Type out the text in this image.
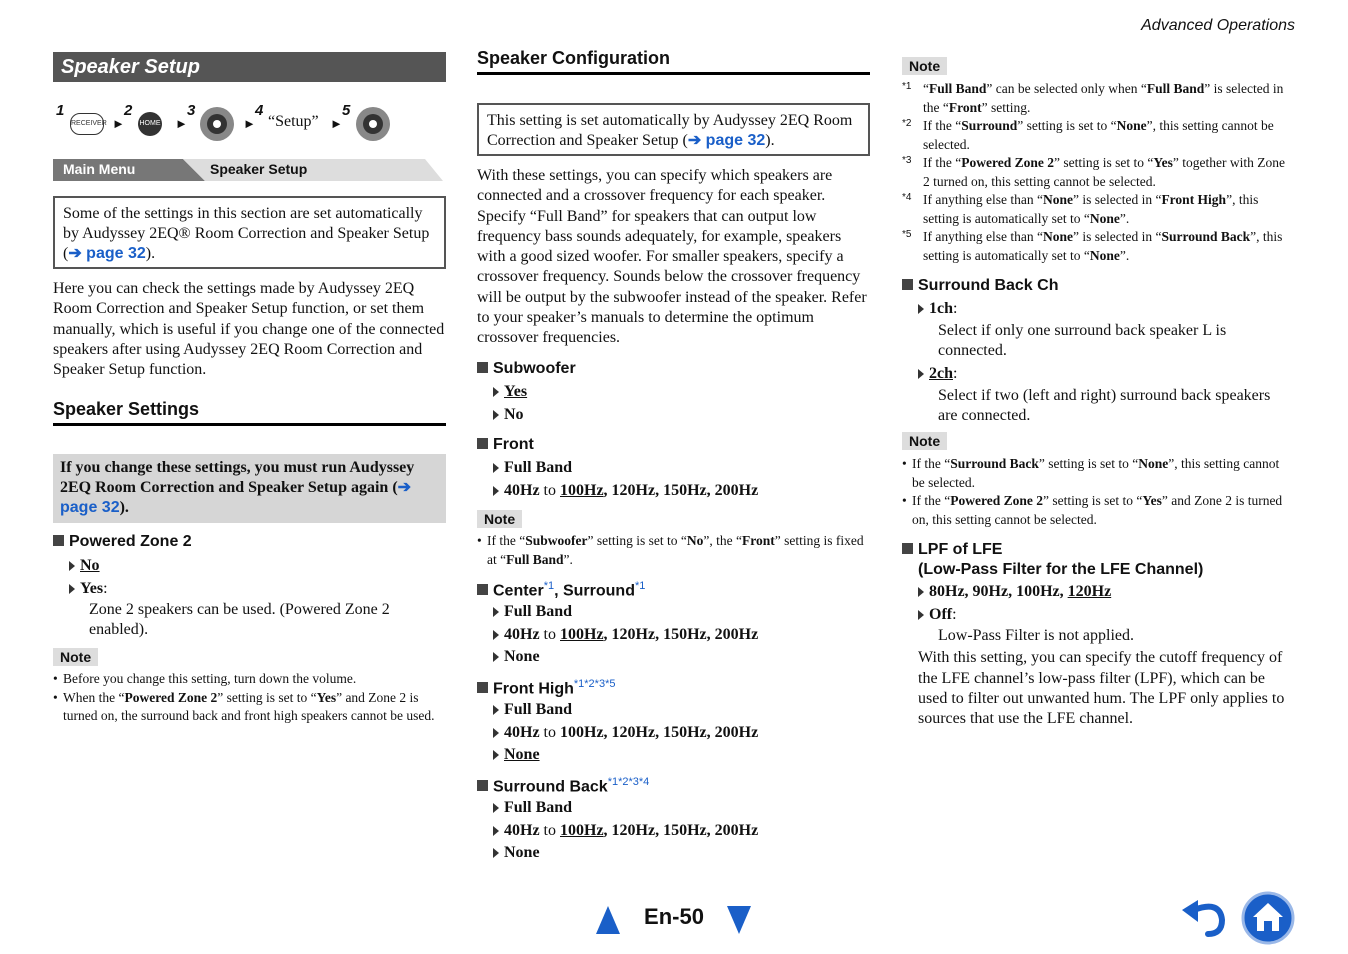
Advanced Operations
Speaker Setup
1
RECEIVER ►
2
HOME ►
3
►
4
“Setup” ►
5
Main Menu	Speaker Setup
Some of the settings in this section are set automatically by Audyssey 2EQ® Room Correction and Speaker Setup (➔ page 32).
Here you can check the settings made by Audyssey 2EQ Room Correction and Speaker Setup function, or set them manually, which is useful if you change one of the connected speakers after using Audyssey 2EQ Room Correction and Speaker Setup function.
Speaker Settings
If you change these settings, you must run Audyssey 2EQ Room Correction and Speaker Setup again (➔ page 32).
Powered Zone 2
No
Yes:
Zone 2 speakers can be used. (Powered Zone 2 enabled).
Note
• Before you change this setting, turn down the volume.
• When the “Powered Zone 2” setting is set to “Yes” and Zone 2 is turned on, the surround back and front high speakers cannot be used.
Speaker Configuration
This setting is set automatically by Audyssey 2EQ Room Correction and Speaker Setup (➔ page 32).
With these settings, you can specify which speakers are connected and a crossover frequency for each speaker. Specify “Full Band” for speakers that can output low frequency bass sounds adequately, for example, speakers with a good sized woofer. For smaller speakers, specify a crossover frequency. Sounds below the crossover frequency will be output by the subwoofer instead of the speaker. Refer to your speaker’s manuals to determine the optimum crossover frequencies.
Subwoofer
Yes
No
Front
Full Band
40Hz to 100Hz, 120Hz, 150Hz, 200Hz
Note
• If the “Subwoofer” setting is set to “No”, the “Front” setting is fixed at “Full Band”.
Center$^{*1}$, Surround$^{*1}$
Full Band
40Hz to 100Hz, 120Hz, 150Hz, 200Hz
None
Front High$^{*1*2*3*5}$
Full Band
40Hz to 100Hz, 120Hz, 150Hz, 200Hz
None
Surround Back$^{*1*2*3*4}$
Full Band
40Hz to 100Hz, 120Hz, 150Hz, 200Hz
None
Note
*1 “Full Band” can be selected only when “Full Band” is selected in the “Front” setting.
*2 If the “Surround” setting is set to “None”, this setting cannot be selected.
*3 If the “Powered Zone 2” setting is set to “Yes” together with Zone 2 turned on, this setting cannot be selected.
*4 If anything else than “None” is selected in “Front High”, this setting is automatically set to “None”.
*5 If anything else than “None” is selected in “Surround Back”, this setting is automatically set to “None”.
Surround Back Ch
1ch:
Select if only one surround back speaker L is connected.
2ch:
Select if two (left and right) surround back speakers are connected.
Note
• If the “Surround Back” setting is set to “None”, this setting cannot be selected.
• If the “Powered Zone 2” setting is set to “Yes” and Zone 2 is turned on, this setting cannot be selected.
LPF of LFE
(Low-Pass Filter for the LFE Channel)
80Hz, 90Hz, 100Hz, 120Hz
Off:
Low-Pass Filter is not applied.
With this setting, you can specify the cutoff frequency of the LFE channel’s low-pass filter (LPF), which can be used to filter out unwanted hum. The LPF only applies to sources that use the LFE channel.
En-50
